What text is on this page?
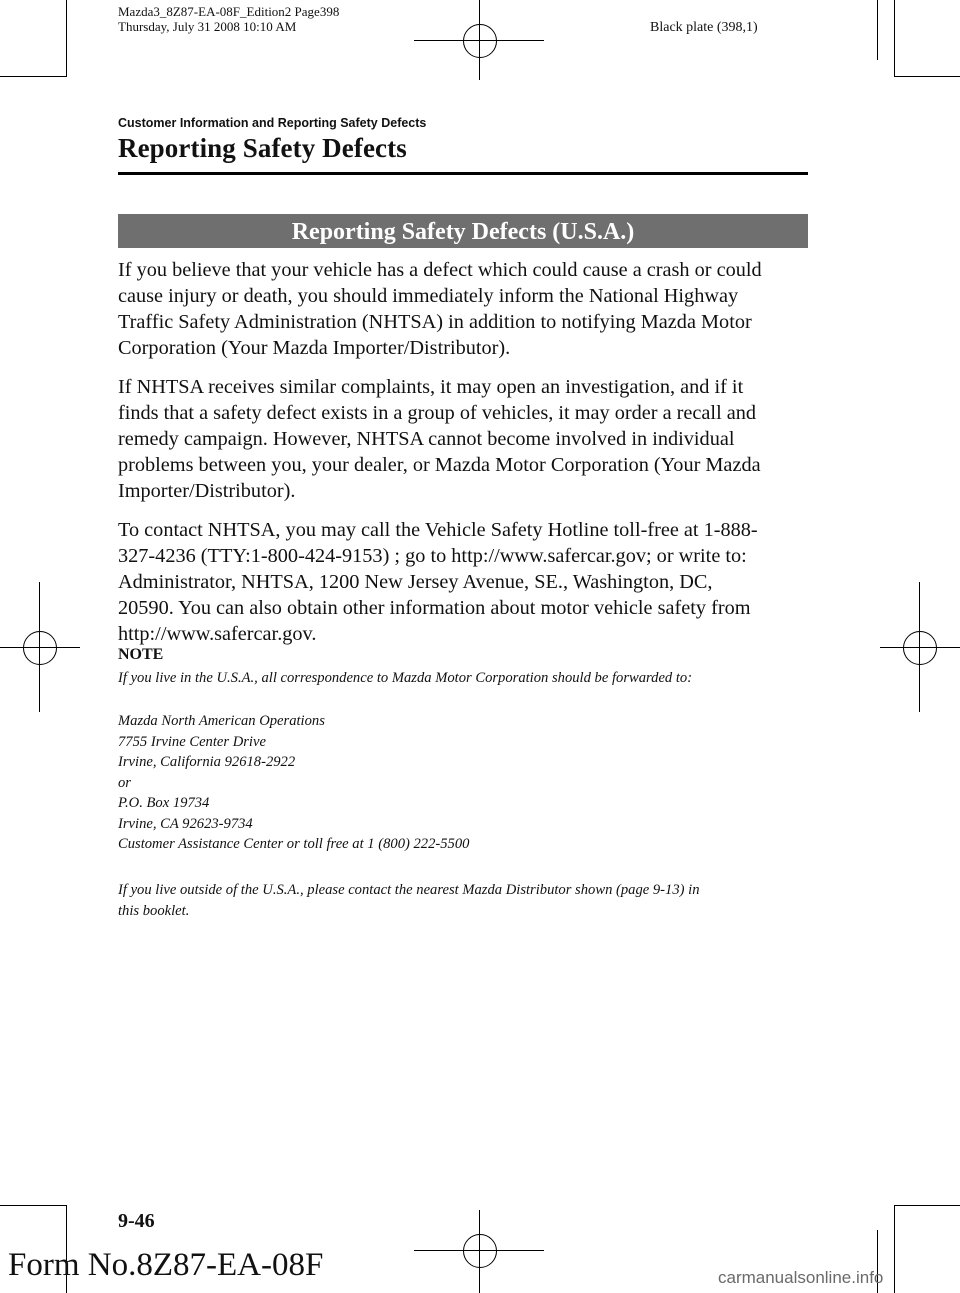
Mazda3_8Z87-EA-08F_Edition2 Page398
Thursday, July 31 2008 10:10 AM	Black plate (398,1)
Customer Information and Reporting Safety Defects
Reporting Safety Defects
Reporting Safety Defects (U.S.A.)
If you believe that your vehicle has a defect which could cause a crash or could
cause injury or death, you should immediately inform the National Highway
Traffic Safety Administration (NHTSA) in addition to notifying Mazda Motor
Corporation (Your Mazda Importer/Distributor).
If NHTSA receives similar complaints, it may open an investigation, and if it
finds that a safety defect exists in a group of vehicles, it may order a recall and
remedy campaign. However, NHTSA cannot become involved in individual
problems between you, your dealer, or Mazda Motor Corporation (Your Mazda
Importer/Distributor).
To contact NHTSA, you may call the Vehicle Safety Hotline toll-free at 1-888-
327-4236 (TTY:1-800-424-9153) ; go to http://www.safercar.gov; or write to:
Administrator, NHTSA, 1200 New Jersey Avenue, SE., Washington, DC,
20590. You can also obtain other information about motor vehicle safety from
http://www.safercar.gov.
NOTE
If you live in the U.S.A., all correspondence to Mazda Motor Corporation should be forwarded to:
Mazda North American Operations
7755 Irvine Center Drive
Irvine, California 92618-2922
or
P.O. Box 19734
Irvine, CA 92623-9734
Customer Assistance Center or toll free at 1 (800) 222-5500
If you live outside of the U.S.A., please contact the nearest Mazda Distributor shown (page 9-13) in
this booklet.
9-46
Form No.8Z87-EA-08F	carmanualsonline.info
